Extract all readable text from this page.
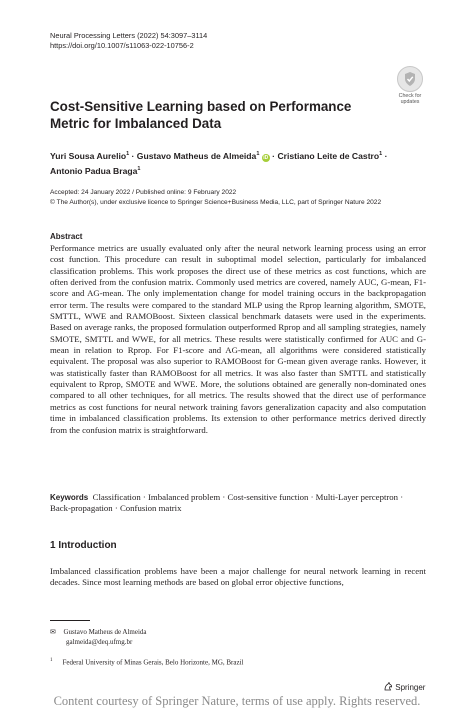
Neural Processing Letters (2022) 54:3097–3114
https://doi.org/10.1007/s11063-022-10756-2
Check for
updates
Cost-Sensitive Learning based on Performance Metric for Imbalanced Data
Yuri Sousa Aurelio$^1$ · Gustavo Matheus de Almeida$^1$ iD · Cristiano Leite de Castro$^1$ ·
Antonio Padua Braga$^1$
Accepted: 24 January 2022 / Published online: 9 February 2022
© The Author(s), under exclusive licence to Springer Science+Business Media, LLC, part of Springer Nature 2022
Abstract
Performance metrics are usually evaluated only after the neural network learning process using an error cost function. This procedure can result in suboptimal model selection, particularly for imbalanced classification problems. This work proposes the direct use of these metrics as cost functions, which are often derived from the confusion matrix. Commonly used metrics are covered, namely AUC, G-mean, F1-score and AG-mean. The only implementation change for model training occurs in the backpropagation error term. The results were compared to the standard MLP using the Rprop learning algorithm, SMOTE, SMTTL, WWE and RAMOBoost. Sixteen classical benchmark datasets were used in the experiments. Based on average ranks, the proposed formulation outperformed Rprop and all sampling strategies, namely SMOTE, SMTTL and WWE, for all metrics. These results were statistically confirmed for AUC and G-mean in relation to Rprop. For F1-score and AG-mean, all algorithms were considered statistically equivalent. The proposal was also superior to RAMOBoost for G-mean given average ranks. However, it was statistically faster than RAMOBoost for all metrics. It was also faster than SMTTL and statistically equivalent to Rprop, SMOTE and WWE. More, the solutions obtained are generally non-dominated ones compared to all other techniques, for all metrics. The results showed that the direct use of performance metrics as cost functions for neural network training favors generalization capacity and also computation time in imbalanced classification problems. Its extension to other performance metrics derived directly from the confusion matrix is straightforward.
Keywords Classification · Imbalanced problem · Cost-sensitive function · Multi-Layer perceptron · Back-propagation · Confusion matrix
1 Introduction
Imbalanced classification problems have been a major challenge for neural network learning in recent decades. Since most learning methods are based on global error objective functions,
✉ Gustavo Matheus de Almeida
galmeida@deq.ufmg.br
$^1$ Federal University of Minas Gerais, Belo Horizonte, MG, Brazil
Springer
Content courtesy of Springer Nature, terms of use apply. Rights reserved.
